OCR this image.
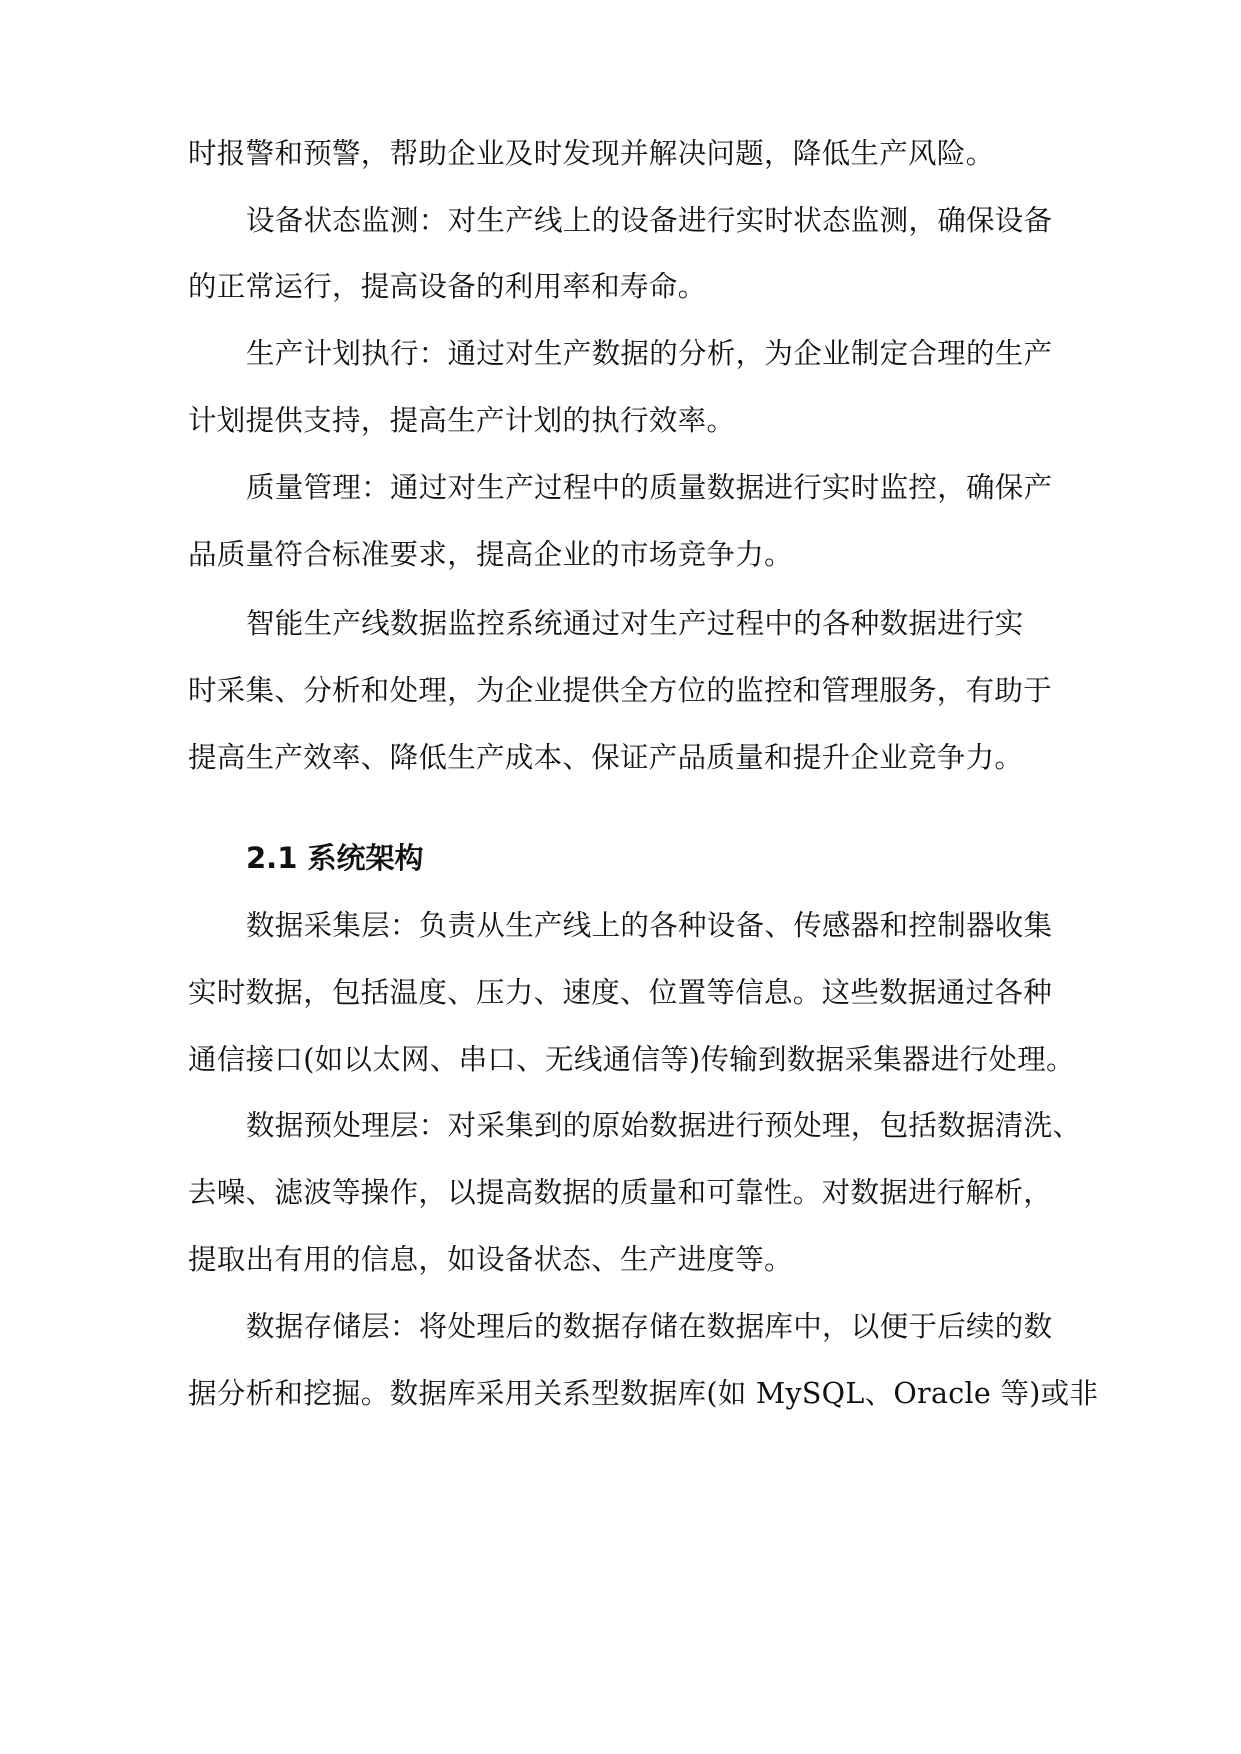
时报警和预警，帮助企业及时发现并解决问题，降低生产风险。
设备状态监测：对生产线上的设备进行实时状态监测，确保设备
的正常运行，提高设备的利用率和寿命。
生产计划执行：通过对生产数据的分析，为企业制定合理的生产
计划提供支持，提高生产计划的执行效率。
质量管理：通过对生产过程中的质量数据进行实时监控，确保产
品质量符合标准要求，提高企业的市场竞争力。
智能生产线数据监控系统通过对生产过程中的各种数据进行实
时采集、分析和处理，为企业提供全方位的监控和管理服务，有助于
提高生产效率、降低生产成本、保证产品质量和提升企业竞争力。
2.1 系统架构
数据采集层：负责从生产线上的各种设备、传感器和控制器收集
实时数据，包括温度、压力、速度、位置等信息。这些数据通过各种
通信接口(如以太网、串口、无线通信等)传输到数据采集器进行处理。
数据预处理层：对采集到的原始数据进行预处理，包括数据清洗、
去噪、滤波等操作，以提高数据的质量和可靠性。对数据进行解析，
提取出有用的信息，如设备状态、生产进度等。
数据存储层：将处理后的数据存储在数据库中，以便于后续的数
据分析和挖掘。数据库采用关系型数据库(如 MySQL、Oracle 等)或非
